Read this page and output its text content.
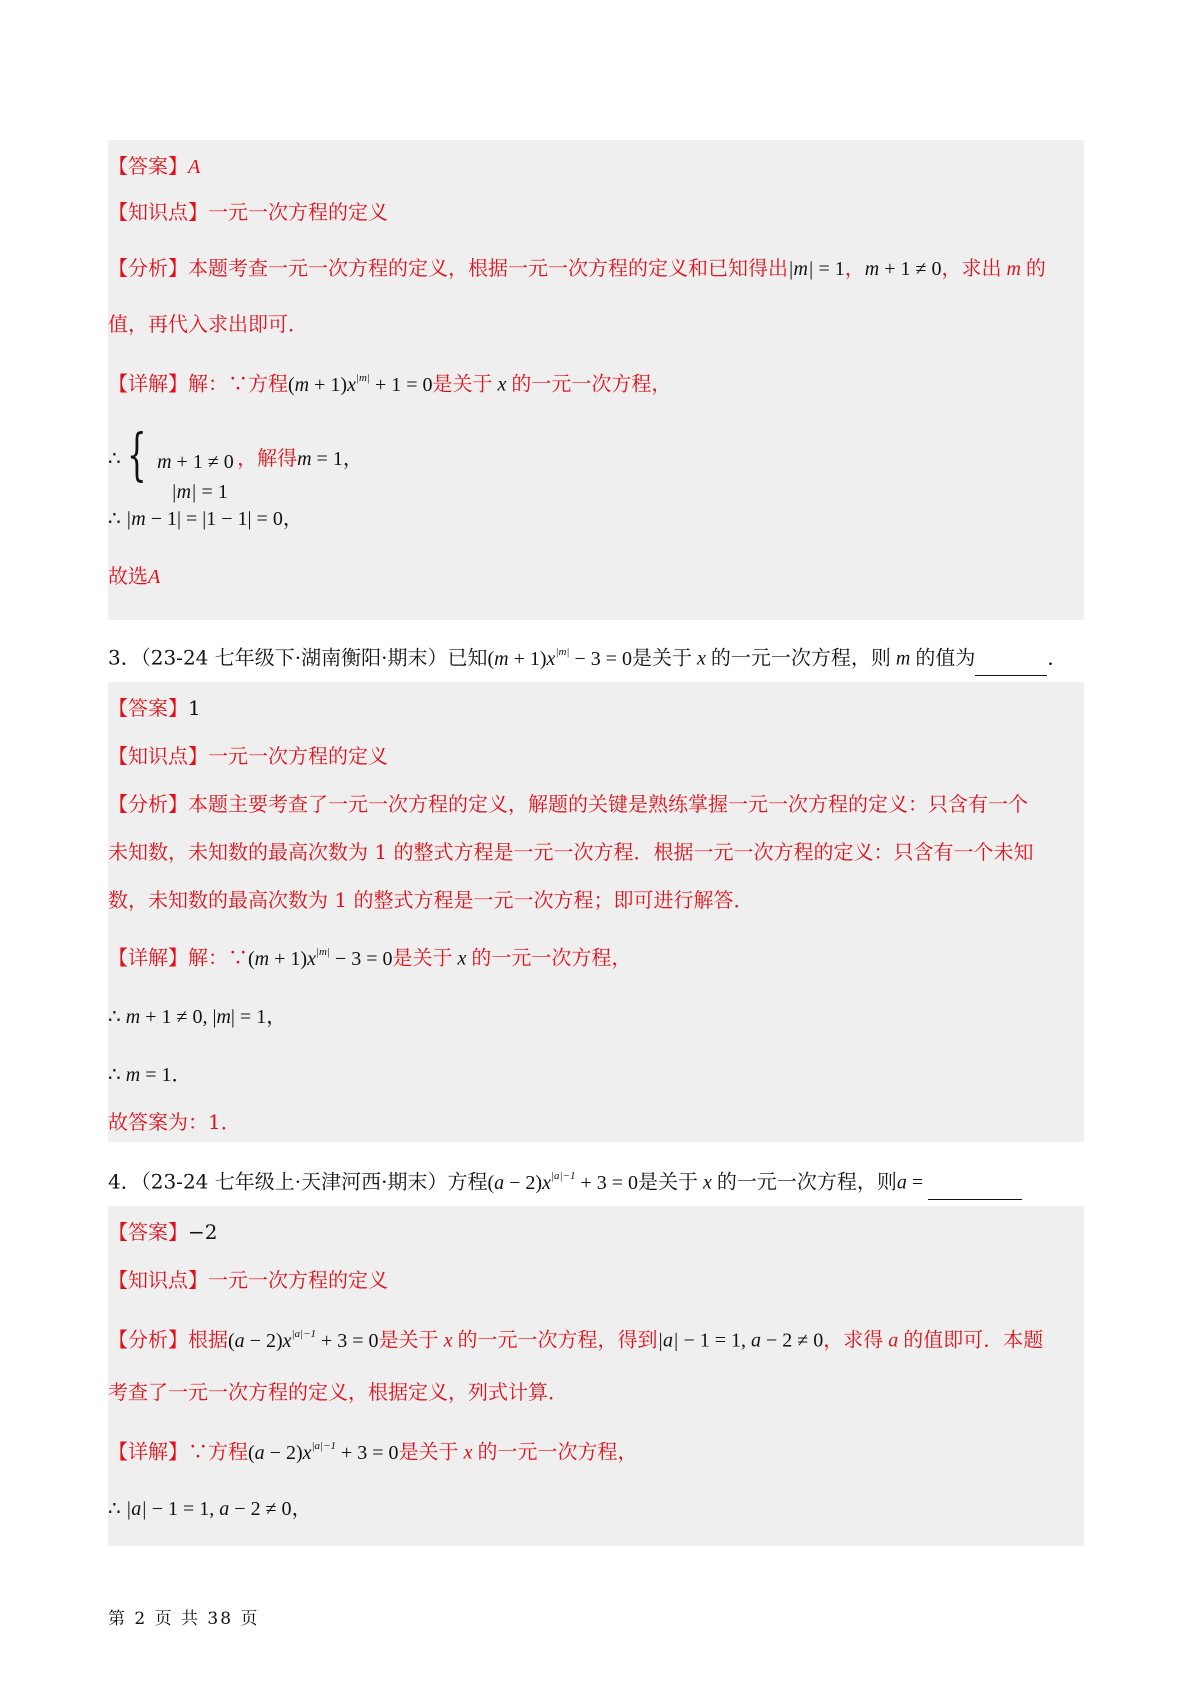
【答案】A
【知识点】一元一次方程的定义
【分析】本题考查一元一次方程的定义，根据一元一次方程的定义和已知得出|m| = 1，m + 1 ≠ 0，求出 m 的
值，再代入求出即可．
【详解】解：∵方程$(m + 1)x^{|m|} + 1 = 0$是关于 x 的一元一次方程，
∴ { m + 1 ≠ 0
|m| = 1
，解得m = 1，
∴ |m − 1| = |1 − 1| = 0，
故选A
3．（23-24 七年级下·湖南衡阳·期末）已知$(m + 1)x^{|m|} - 3 = 0$是关于 x 的一元一次方程，则 m 的值为	．
【答案】1
【知识点】一元一次方程的定义
【分析】本题主要考查了一元一次方程的定义，解题的关键是熟练掌握一元一次方程的定义：只含有一个
未知数，未知数的最高次数为 1 的整式方程是一元一次方程．根据一元一次方程的定义：只含有一个未知
数，未知数的最高次数为 1 的整式方程是一元一次方程；即可进行解答．
【详解】解：∵(m + $1)x^{|m|} - 3 = 0$是关于 x 的一元一次方程，
∴ m + 1 ≠ 0, |m| = 1，
∴ m = 1．
故答案为：1．
4．（23-24 七年级上·天津河西·期末）方程$(a - 2)x^{|a|-1} + 3 = 0$是关于 x 的一元一次方程，则a =
【答案】−2
【知识点】一元一次方程的定义
【分析】根据$(a - 2)x^{|a|-1} + 3 = 0$是关于 x 的一元一次方程，得到|a| − 1 = 1, a − 2 ≠ 0，求得 a 的值即可．本题
考查了一元一次方程的定义，根据定义，列式计算．
【详解】∵方程$(a - 2)x^{|a|-1} + 3 = 0$是关于 x 的一元一次方程，
∴ |a| − 1 = 1, a − 2 ≠ 0，
第 2 页 共 38 页
